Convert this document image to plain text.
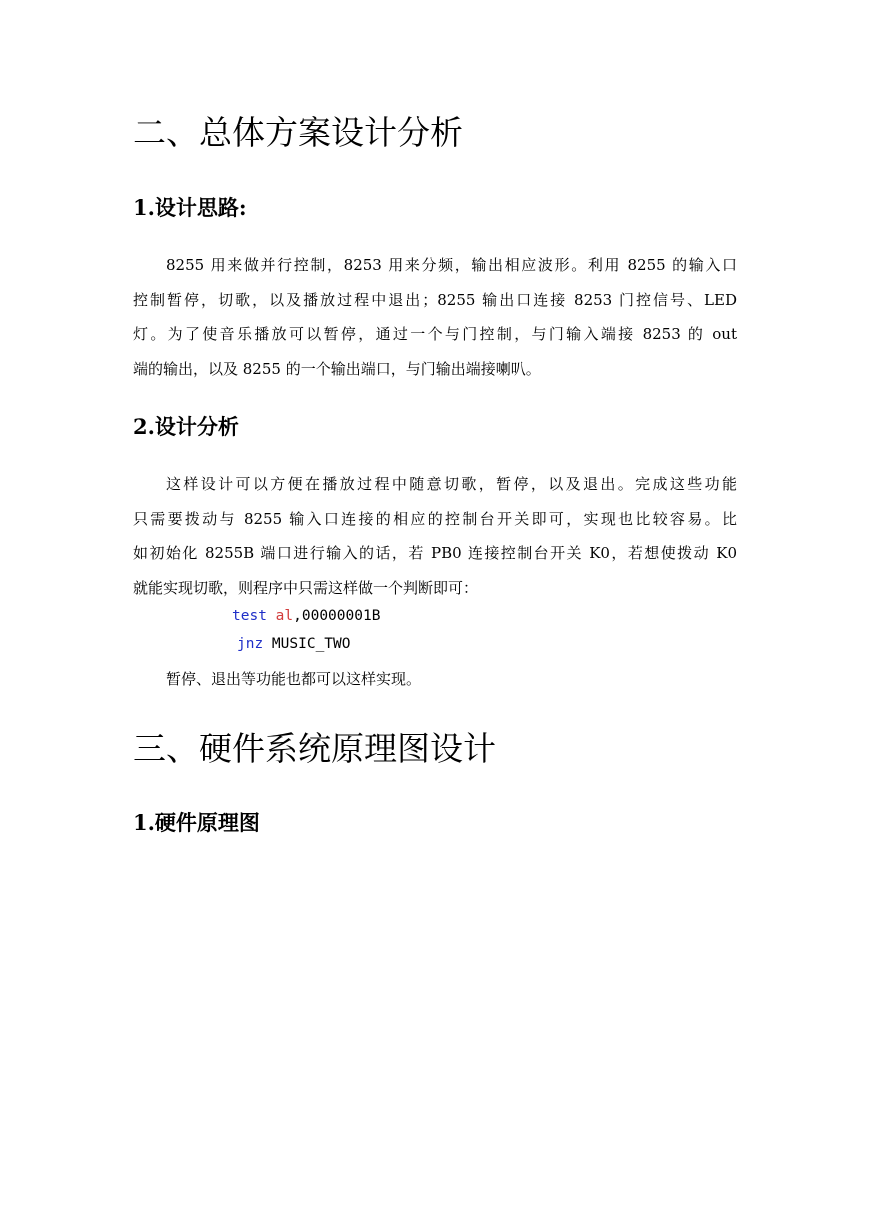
二、总体方案设计分析
1.设计思路:
8255 用来做并行控制，8253 用来分频，输出相应波形。利用 8255 的输入口
控制暂停，切歌，以及播放过程中退出；8255 输出口连接 8253 门控信号、LED
灯。为了使音乐播放可以暂停，通过一个与门控制，与门输入端接 8253 的 out
端的输出，以及 8255 的一个输出端口，与门输出端接喇叭。
2.设计分析
这样设计可以方便在播放过程中随意切歌，暂停，以及退出。完成这些功能
只需要拨动与 8255 输入口连接的相应的控制台开关即可，实现也比较容易。比
如初始化 8255B 端口进行输入的话，若 PB0 连接控制台开关 K0，若想使拨动 K0
就能实现切歌，则程序中只需这样做一个判断即可：
test al,00000001B
jnz MUSIC_TWO
暂停、退出等功能也都可以这样实现。
三、硬件系统原理图设计
1.硬件原理图
